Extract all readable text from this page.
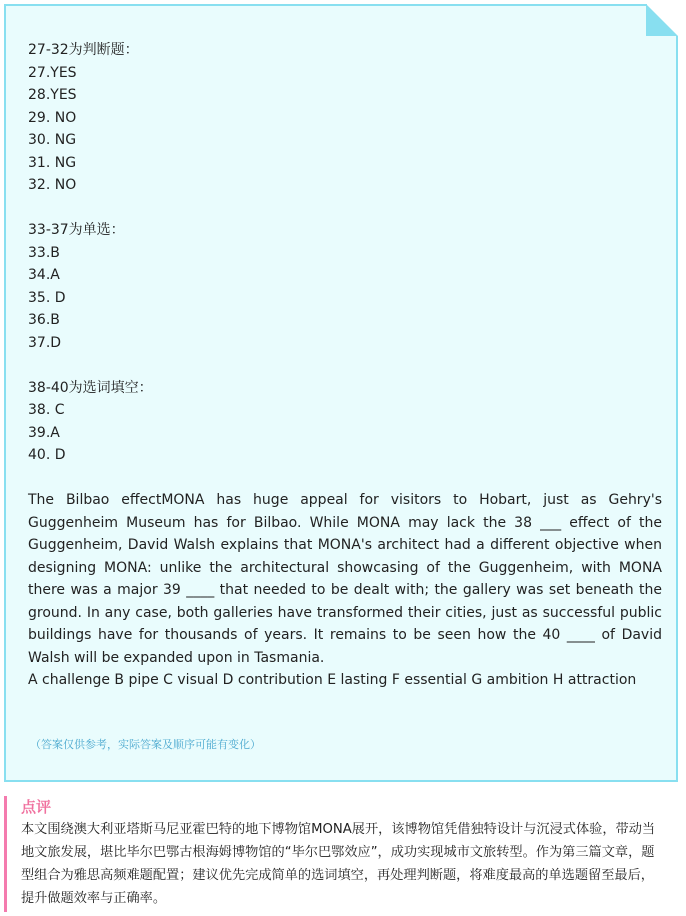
27-32为判断题：
27.YES
28.YES
29. NO
30. NG
31. NG
32. NO
33-37为单选：
33.B
34.A
35. D
36.B
37.D
38-40为选词填空：
38. C
39.A
40. D

The Bilbao effectMONA has huge appeal for visitors to Hobart, just as Gehry's Guggenheim Museum has for Bilbao. While MONA may lack the 38 ___ effect of the Guggenheim, David Walsh explains that MONA's architect had a different objective when designing MONA: unlike the architectural showcasing of the Guggenheim, with MONA there was a major 39 ____ that needed to be dealt with; the gallery was set beneath the ground. In any case, both galleries have transformed their cities, just as successful public buildings have for thousands of years. It remains to be seen how the 40 ____ of David Walsh will be expanded upon in Tasmania.

A challenge B pipe C visual D contribution E lasting F essential G ambition H attraction
（答案仅供参考，实际答案及顺序可能有变化）
点评

本文围绕澳大利亚塔斯马尼亚霍巴特的地下博物馆MONA展开，该博物馆凭借独特设计与沉浸式体验，带动当地文旅发展，堪比毕尔巴鄂古根海姆博物馆的“毕尔巴鄂效应”，成功实现城市文旅转型。作为第三篇文章，题型组合为雅思高频难题配置；建议优先完成简单的选词填空，再处理判断题，将难度最高的单选题留至最后，提升做题效率与正确率。
